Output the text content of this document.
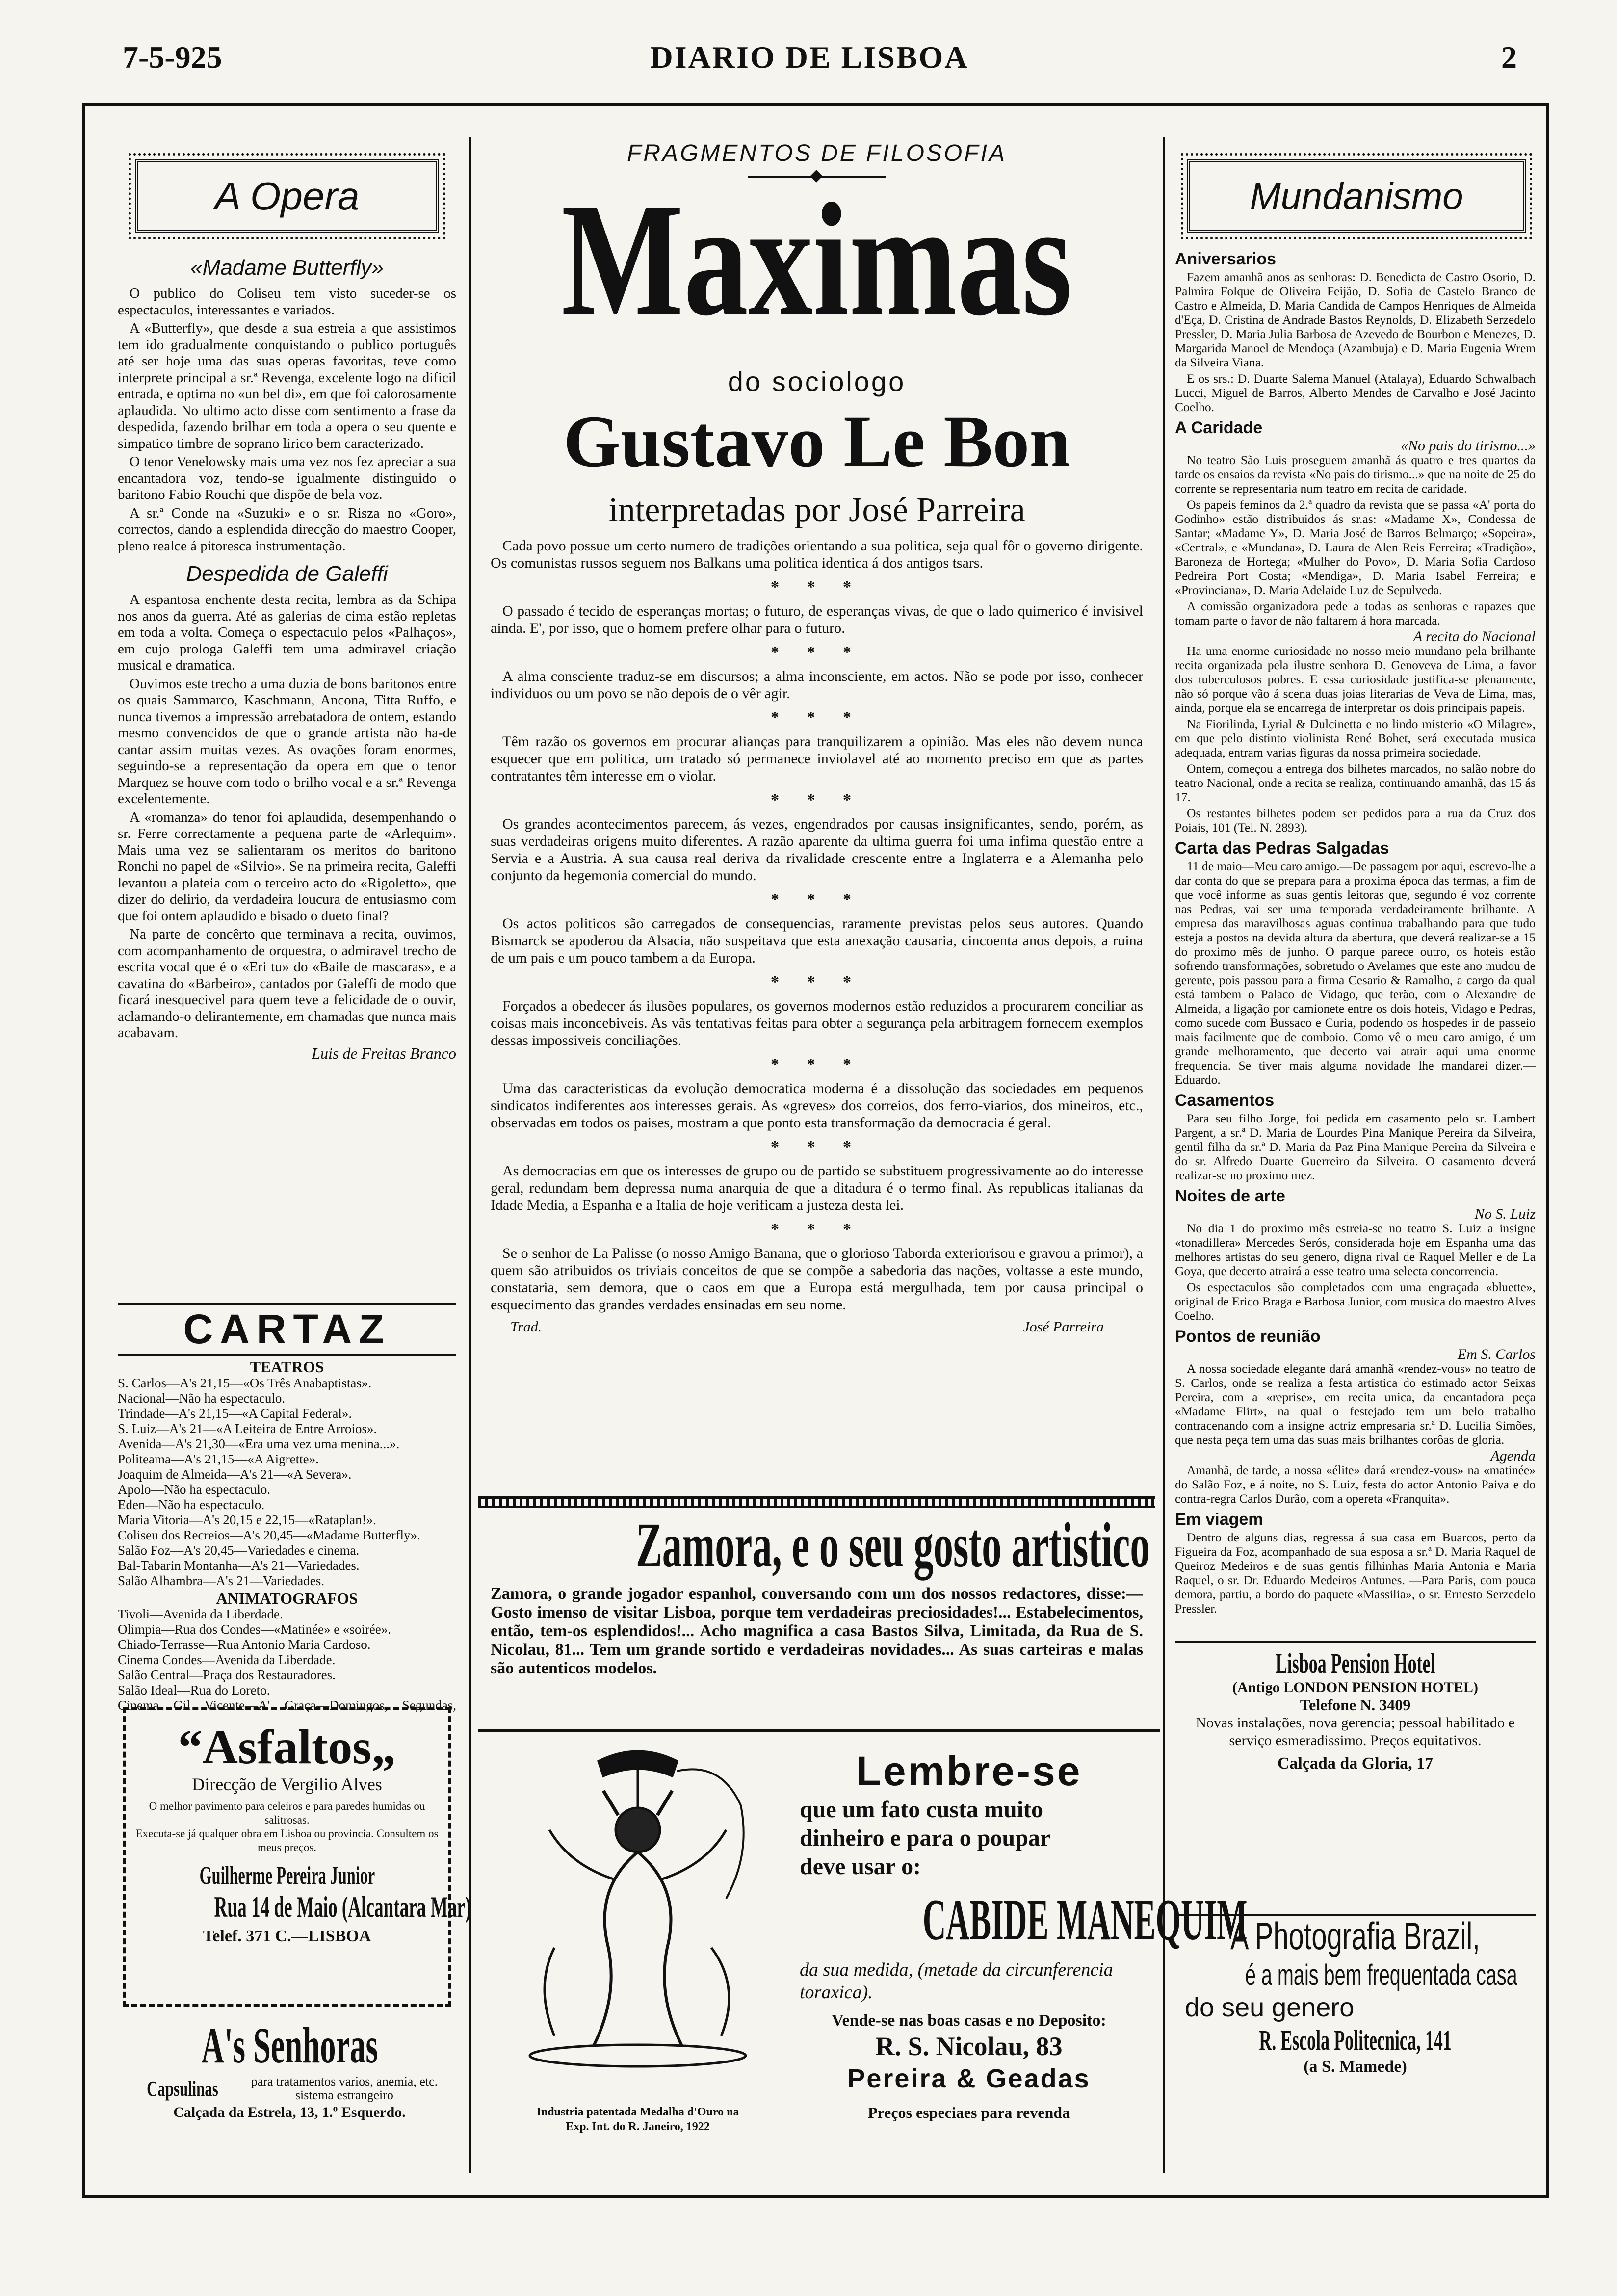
7-5-925	DIARIO DE LISBOA	2
A Opera
«Madame Butterfly»

O publico do Coliseu tem visto suceder-se os espectaculos, interessantes e variados.

A «Butterfly», que desde a sua estreia a que assistimos tem ido gradualmente conquistando o publico português até ser hoje uma das suas operas favoritas, teve como interprete principal a sr.ª Revenga, excelente logo na dificil entrada, e optima no «un bel di», em que foi calorosamente aplaudida. No ultimo acto disse com sentimento a frase da despedida, fazendo brilhar em toda a opera o seu quente e simpatico timbre de soprano lirico bem caracterizado.

O tenor Venelowsky mais uma vez nos fez apreciar a sua encantadora voz, tendo-se igualmente distinguido o baritono Fabio Rouchi que dispõe de bela voz.

A sr.ª Conde na «Suzuki» e o sr. Risza no «Goro», correctos, dando a esplendida direcção do maestro Cooper, pleno realce á pitoresca instrumentação.

Despedida de Galeffi

A espantosa enchente desta recita, lembra as da Schipa nos anos da guerra. Até as galerias de cima estão repletas em toda a volta. Começa o espectaculo pelos «Palhaços», em cujo prologa Galeffi tem uma admiravel criação musical e dramatica.

Ouvimos este trecho a uma duzia de bons baritonos entre os quais Sammarco, Kaschmann, Ancona, Titta Ruffo, e nunca tivemos a impressão arrebatadora de ontem, estando mesmo convencidos de que o grande artista não ha-de cantar assim muitas vezes. As ovações foram enormes, seguindo-se a representação da opera em que o tenor Marquez se houve com todo o brilho vocal e a sr.ª Revenga excelentemente.

A «romanza» do tenor foi aplaudida, desempenhando o sr. Ferre correctamente a pequena parte de «Arlequim». Mais uma vez se salientaram os meritos do baritono Ronchi no papel de «Silvio». Se na primeira recita, Galeffi levantou a plateia com o terceiro acto do «Rigoletto», que dizer do delirio, da verdadeira loucura de entusiasmo com que foi ontem aplaudido e bisado o dueto final?

Na parte de concêrto que terminava a recita, ouvimos, com acompanhamento de orquestra, o admiravel trecho de escrita vocal que é o «Eri tu» do «Baile de mascaras», e a cavatina do «Barbeiro», cantados por Galeffi de modo que ficará inesquecivel para quem teve a felicidade de o ouvir, aclamando-o delirantemente, em chamadas que nunca mais acabavam.

Luis de Freitas Branco
CARTAZ
TEATROS

S. Carlos—A's 21,15—«Os Três Anabaptistas».

Nacional—Não ha espectaculo.

Trindade—A's 21,15—«A Capital Federal».

S. Luiz—A's 21—«A Leiteira de Entre Arroios».

Avenida—A's 21,30—«Era uma vez uma menina...».

Politeama—A's 21,15—«A Aigrette».

Joaquim de Almeida—A's 21—«A Severa».

Apolo—Não ha espectaculo.

Eden—Não ha espectaculo.

Maria Vitoria—A's 20,15 e 22,15—«Rataplan!».

Coliseu dos Recreios—A's 20,45—«Madame Butterfly».

Salão Foz—A's 20,45—Variedades e cinema.

Bal-Tabarin Montanha—A's 21—Variedades.

Salão Alhambra—A's 21—Variedades.

ANIMATOGRAFOS

Tivoli—Avenida da Liberdade.

Olimpia—Rua dos Condes—«Matinée» e «soirée».

Chiado-Terrasse—Rua Antonio Maria Cardoso.

Cinema Condes—Avenida da Liberdade.

Salão Central—Praça dos Restauradores.

Salão Ideal—Rua do Loreto.

Cinema Gil Vicente—A' Graça—Domingos, Segundas,

“Asfaltos„
Direcção de Vergilio Alves
O melhor pavimento para celeiros e para paredes humidas ou salitrosas.
Executa-se já qualquer obra em Lisboa ou provincia. Consultem os meus preços.
Guilherme Pereira Junior
Rua 14 de Maio (Alcantara Mar)
Telef. 371 C.—LISBOA
A's Senhoras
Capsulinas	para tratamentos varios, anemia, etc. sistema estrangeiro
Calçada da Estrela, 13, 1.º Esquerdo.
FRAGMENTOS DE FILOSOFIA
Maximas
do sociologo
Gustavo Le Bon
interpretadas por José Parreira

Cada povo possue um certo numero de tradições orientando a sua politica, seja qual fôr o governo dirigente. Os comunistas russos seguem nos Balkans uma politica identica á dos antigos tsars.

* * *

O passado é tecido de esperanças mortas; o futuro, de esperanças vivas, de que o lado quimerico é invisivel ainda. E', por isso, que o homem prefere olhar para o futuro.

* * *

A alma consciente traduz-se em discursos; a alma inconsciente, em actos. Não se pode por isso, conhecer individuos ou um povo se não depois de o vêr agir.

* * *

Têm razão os governos em procurar alianças para tranquilizarem a opinião. Mas eles não devem nunca esquecer que em politica, um tratado só permanece inviolavel até ao momento preciso em que as partes contratantes têm interesse em o violar.

* * *

Os grandes acontecimentos parecem, ás vezes, engendrados por causas insignificantes, sendo, porém, as suas verdadeiras origens muito diferentes. A razão aparente da ultima guerra foi uma infima questão entre a Servia e a Austria. A sua causa real deriva da rivalidade crescente entre a Inglaterra e a Alemanha pelo conjunto da hegemonia comercial do mundo.

* * *

Os actos politicos são carregados de consequencias, raramente previstas pelos seus autores. Quando Bismarck se apoderou da Alsacia, não suspeitava que esta anexação causaria, cincoenta anos depois, a ruina de um pais e um pouco tambem a da Europa.

* * *

Forçados a obedecer ás ilusões populares, os governos modernos estão reduzidos a procurarem conciliar as coisas mais inconcebiveis. As vãs tentativas feitas para obter a segurança pela arbitragem fornecem exemplos dessas impossiveis conciliações.

* * *

Uma das caracteristicas da evolução democratica moderna é a dissolução das sociedades em pequenos sindicatos indiferentes aos interesses gerais. As «greves» dos correios, dos ferro-viarios, dos mineiros, etc., observadas em todos os paises, mostram a que ponto esta transformação da democracia é geral.

* * *

As democracias em que os interesses de grupo ou de partido se substituem progressivamente ao do interesse geral, redundam bem depressa numa anarquia de que a ditadura é o termo final. As republicas italianas da Idade Media, a Espanha e a Italia de hoje verificam a justeza desta lei.

* * *

Se o senhor de La Palisse (o nosso Amigo Banana, que o glorioso Taborda exteriorisou e gravou a primor), a quem são atribuidos os triviais conceitos de que se compõe a sabedoria das nações, voltasse a este mundo, constataria, sem demora, que o caos em que a Europa está mergulhada, tem por causa principal o esquecimento das grandes verdades ensinadas em seu nome.

Trad.	José Parreira
Zamora, e o seu gosto artistico
Zamora, o grande jogador espanhol, conversando com um dos nossos redactores, disse:—Gosto imenso de visitar Lisboa, porque tem verdadeiras preciosidades!... Estabelecimentos, então, tem-os esplendidos!... Acho magnifica a casa Bastos Silva, Limitada, da Rua de S. Nicolau, 81... Tem um grande sortido e verdadeiras novidades... As suas carteiras e malas são autenticos modelos.
Industria patentada Medalha d'Ouro na
Exp. Int. do R. Janeiro, 1922
Lembre-se
que um fato custa muito
dinheiro e para o poupar
deve usar o:
CABIDE MANEQUIM
da sua medida, (metade da circunferencia toraxica).
Vende-se nas boas casas e no Deposito:
R. S. Nicolau, 83
Pereira & Geadas
Preços especiaes para revenda
Mundanismo
Aniversarios

Fazem amanhã anos as senhoras: D. Benedicta de Castro Osorio, D. Palmira Folque de Oliveira Feijão, D. Sofia de Castelo Branco de Castro e Almeida, D. Maria Candida de Campos Henriques de Almeida d'Eça, D. Cristina de Andrade Bastos Reynolds, D. Elizabeth Serzedelo Pressler, D. Maria Julia Barbosa de Azevedo de Bourbon e Menezes, D. Margarida Manoel de Mendoça (Azambuja) e D. Maria Eugenia Wrem da Silveira Viana.

E os srs.: D. Duarte Salema Manuel (Atalaya), Eduardo Schwalbach Lucci, Miguel de Barros, Alberto Mendes de Carvalho e José Jacinto Coelho.

A Caridade
«No pais do tirismo...»

No teatro São Luis proseguem amanhã ás quatro e tres quartos da tarde os ensaios da revista «No pais do tirismo...» que na noite de 25 do corrente se representaria num teatro em recita de caridade.

Os papeis feminos da 2.ª quadro da revista que se passa «A' porta do Godinho» estão distribuidos ás sr.as: «Madame X», Condessa de Santar; «Madame Y», D. Maria José de Barros Belmarço; «Sopeira», «Central», e «Mundana», D. Laura de Alen Reis Ferreira; «Tradição», Baroneza de Hortega; «Mulher do Povo», D. Maria Sofia Cardoso Pedreira Port Costa; «Mendiga», D. Maria Isabel Ferreira; e «Provinciana», D. Maria Adelaide Luz de Sepulveda.

A comissão organizadora pede a todas as senhoras e rapazes que tomam parte o favor de não faltarem á hora marcada.

A recita do Nacional

Ha uma enorme curiosidade no nosso meio mundano pela brilhante recita organizada pela ilustre senhora D. Genoveva de Lima, a favor dos tuberculosos pobres. E essa curiosidade justifica-se plenamente, não só porque vão á scena duas joias literarias de Veva de Lima, mas, ainda, porque ela se encarrega de interpretar os dois principais papeis.

Na Fiorilinda, Lyrial & Dulcinetta e no lindo misterio «O Milagre», em que pelo distinto violinista René Bohet, será executada musica adequada, entram varias figuras da nossa primeira sociedade.

Ontem, começou a entrega dos bilhetes marcados, no salão nobre do teatro Nacional, onde a recita se realiza, continuando amanhã, das 15 ás 17.

Os restantes bilhetes podem ser pedidos para a rua da Cruz dos Poiais, 101 (Tel. N. 2893).

Carta das Pedras Salgadas

11 de maio—Meu caro amigo.—De passagem por aqui, escrevo-lhe a dar conta do que se prepara para a proxima época das termas, a fim de que você informe as suas gentis leitoras que, segundo é voz corrente nas Pedras, vai ser uma temporada verdadeiramente brilhante. A empresa das maravilhosas aguas continua trabalhando para que tudo esteja a postos na devida altura da abertura, que deverá realizar-se a 15 do proximo mês de junho. O parque parece outro, os hoteis estão sofrendo transformações, sobretudo o Avelames que este ano mudou de gerente, pois passou para a firma Cesario & Ramalho, a cargo da qual está tambem o Palaco de Vidago, que terão, com o Alexandre de Almeida, a ligação por camionete entre os dois hoteis, Vidago e Pedras, como sucede com Bussaco e Curia, podendo os hospedes ir de passeio mais facilmente que de comboio. Como vê o meu caro amigo, é um grande melhoramento, que decerto vai atrair aqui uma enorme frequencia. Se tiver mais alguma novidade lhe mandarei dizer.—Eduardo.

Casamentos

Para seu filho Jorge, foi pedida em casamento pelo sr. Lambert Pargent, a sr.ª D. Maria de Lourdes Pina Manique Pereira da Silveira, gentil filha da sr.ª D. Maria da Paz Pina Manique Pereira da Silveira e do sr. Alfredo Duarte Guerreiro da Silveira. O casamento deverá realizar-se no proximo mez.

Noites de arte
No S. Luiz

No dia 1 do proximo mês estreia-se no teatro S. Luiz a insigne «tonadillera» Mercedes Serós, considerada hoje em Espanha uma das melhores artistas do seu genero, digna rival de Raquel Meller e de La Goya, que decerto atrairá a esse teatro uma selecta concorrencia.

Os espectaculos são completados com uma engraçada «bluette», original de Erico Braga e Barbosa Junior, com musica do maestro Alves Coelho.

Pontos de reunião
Em S. Carlos

A nossa sociedade elegante dará amanhã «rendez-vous» no teatro de S. Carlos, onde se realiza a festa artistica do estimado actor Seixas Pereira, com a «reprise», em recita unica, da encantadora peça «Madame Flirt», na qual o festejado tem um belo trabalho contracenando com a insigne actriz empresaria sr.ª D. Lucilia Simões, que nesta peça tem uma das suas mais brilhantes corôas de gloria.

Agenda

Amanhã, de tarde, a nossa «élite» dará «rendez-vous» na «matinée» do Salão Foz, e á noite, no S. Luiz, festa do actor Antonio Paiva e do contra-regra Carlos Durão, com a opereta «Franquita».

Em viagem

Dentro de alguns dias, regressa á sua casa em Buarcos, perto da Figueira da Foz, acompanhado de sua esposa a sr.ª D. Maria Raquel de Queiroz Medeiros e de suas gentis filhinhas Maria Antonia e Maria Raquel, o sr. Dr. Eduardo Medeiros Antunes. —Para Paris, com pouca demora, partiu, a bordo do paquete «Massilia», o sr. Ernesto Serzedelo Pressler.

Lisboa Pension Hotel
(Antigo LONDON PENSION HOTEL)
Telefone N. 3409
Novas instalações, nova gerencia; pessoal habilitado e serviço esmeradissimo. Preços equitativos.
Calçada da Gloria, 17
A Photografia Brazil,
é a mais bem frequentada casa
do seu genero
R. Escola Politecnica, 141
(a S. Mamede)
